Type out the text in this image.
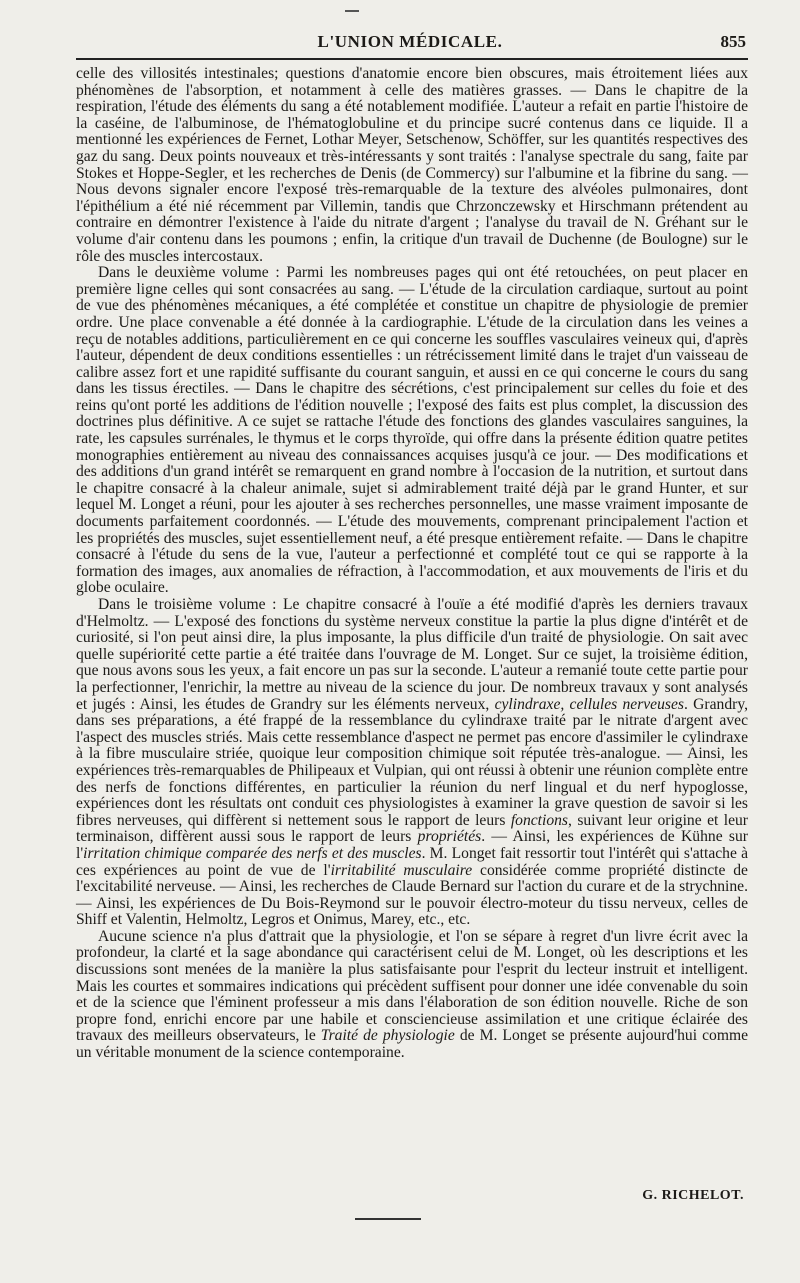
L'UNION MÉDICALE.	855

celle des villosités intestinales; questions d'anatomie encore bien obscures, mais étroitement liées aux phénomènes de l'absorption, et notamment à celle des matières grasses. — Dans le chapitre de la respiration, l'étude des éléments du sang a été notablement modifiée. L'auteur a refait en partie l'histoire de la caséine, de l'albuminose, de l'hématoglobuline et du principe sucré contenus dans ce liquide. Il a mentionné les expériences de Fernet, Lothar Meyer, Setschenow, Schöffer, sur les quantités respectives des gaz du sang. Deux points nouveaux et très-intéressants y sont traités : l'analyse spectrale du sang, faite par Stokes et Hoppe-Segler, et les recherches de Denis (de Commercy) sur l'albumine et la fibrine du sang. — Nous devons signaler encore l'exposé très-remarquable de la texture des alvéoles pulmonaires, dont l'épithélium a été nié récemment par Villemin, tandis que Chrzonczewsky et Hirschmann prétendent au contraire en démontrer l'existence à l'aide du nitrate d'argent ; l'analyse du travail de N. Gréhant sur le volume d'air contenu dans les poumons ; enfin, la critique d'un travail de Duchenne (de Boulogne) sur le rôle des muscles intercostaux.

Dans le deuxième volume : Parmi les nombreuses pages qui ont été retouchées, on peut placer en première ligne celles qui sont consacrées au sang. — L'étude de la circulation cardiaque, surtout au point de vue des phénomènes mécaniques, a été complétée et constitue un chapitre de physiologie de premier ordre. Une place convenable a été donnée à la cardiographie. L'étude de la circulation dans les veines a reçu de notables additions, particulièrement en ce qui concerne les souffles vasculaires veineux qui, d'après l'auteur, dépendent de deux conditions essentielles : un rétrécissement limité dans le trajet d'un vaisseau de calibre assez fort et une rapidité suffisante du courant sanguin, et aussi en ce qui concerne le cours du sang dans les tissus érectiles. — Dans le chapitre des sécrétions, c'est principalement sur celles du foie et des reins qu'ont porté les additions de l'édition nouvelle ; l'exposé des faits est plus complet, la discussion des doctrines plus définitive. A ce sujet se rattache l'étude des fonctions des glandes vasculaires sanguines, la rate, les capsules surrénales, le thymus et le corps thyroïde, qui offre dans la présente édition quatre petites monographies entièrement au niveau des connaissances acquises jusqu'à ce jour. — Des modifications et des additions d'un grand intérêt se remarquent en grand nombre à l'occasion de la nutrition, et surtout dans le chapitre consacré à la chaleur animale, sujet si admirablement traité déjà par le grand Hunter, et sur lequel M. Longet a réuni, pour les ajouter à ses recherches personnelles, une masse vraiment imposante de documents parfaitement coordonnés. — L'étude des mouvements, comprenant principalement l'action et les propriétés des muscles, sujet essentiellement neuf, a été presque entièrement refaite. — Dans le chapitre consacré à l'étude du sens de la vue, l'auteur a perfectionné et complété tout ce qui se rapporte à la formation des images, aux anomalies de réfraction, à l'accommodation, et aux mouvements de l'iris et du globe oculaire.

Dans le troisième volume : Le chapitre consacré à l'ouïe a été modifié d'après les derniers travaux d'Helmoltz. — L'exposé des fonctions du système nerveux constitue la partie la plus digne d'intérêt et de curiosité, si l'on peut ainsi dire, la plus imposante, la plus difficile d'un traité de physiologie. On sait avec quelle supériorité cette partie a été traitée dans l'ouvrage de M. Longet. Sur ce sujet, la troisième édition, que nous avons sous les yeux, a fait encore un pas sur la seconde. L'auteur a remanié toute cette partie pour la perfectionner, l'enrichir, la mettre au niveau de la science du jour. De nombreux travaux y sont analysés et jugés : Ainsi, les études de Grandry sur les éléments nerveux, cylindraxe, cellules nerveuses. Grandry, dans ses préparations, a été frappé de la ressemblance du cylindraxe traité par le nitrate d'argent avec l'aspect des muscles striés. Mais cette ressemblance d'aspect ne permet pas encore d'assimiler le cylindraxe à la fibre musculaire striée, quoique leur composition chimique soit réputée très-analogue. — Ainsi, les expériences très-remarquables de Philipeaux et Vulpian, qui ont réussi à obtenir une réunion complète entre des nerfs de fonctions différentes, en particulier la réunion du nerf lingual et du nerf hypoglosse, expériences dont les résultats ont conduit ces physiologistes à examiner la grave question de savoir si les fibres nerveuses, qui diffèrent si nettement sous le rapport de leurs fonctions, suivant leur origine et leur terminaison, diffèrent aussi sous le rapport de leurs propriétés. — Ainsi, les expériences de Kühne sur l'irritation chimique comparée des nerfs et des muscles. M. Longet fait ressortir tout l'intérêt qui s'attache à ces expériences au point de vue de l'irritabilité musculaire considérée comme propriété distincte de l'excitabilité nerveuse. — Ainsi, les recherches de Claude Bernard sur l'action du curare et de la strychnine. — Ainsi, les expériences de Du Bois-Reymond sur le pouvoir électro-moteur du tissu nerveux, celles de Shiff et Valentin, Helmoltz, Legros et Onimus, Marey, etc., etc.

Aucune science n'a plus d'attrait que la physiologie, et l'on se sépare à regret d'un livre écrit avec la profondeur, la clarté et la sage abondance qui caractérisent celui de M. Longet, où les descriptions et les discussions sont menées de la manière la plus satisfaisante pour l'esprit du lecteur instruit et intelligent. Mais les courtes et sommaires indications qui précèdent suffisent pour donner une idée convenable du soin et de la science que l'éminent professeur a mis dans l'élaboration de son édition nouvelle. Riche de son propre fond, enrichi encore par une habile et consciencieuse assimilation et une critique éclairée des travaux des meilleurs observateurs, le Traité de physiologie de M. Longet se présente aujourd'hui comme un véritable monument de la science contemporaine.

G. RICHELOT.
